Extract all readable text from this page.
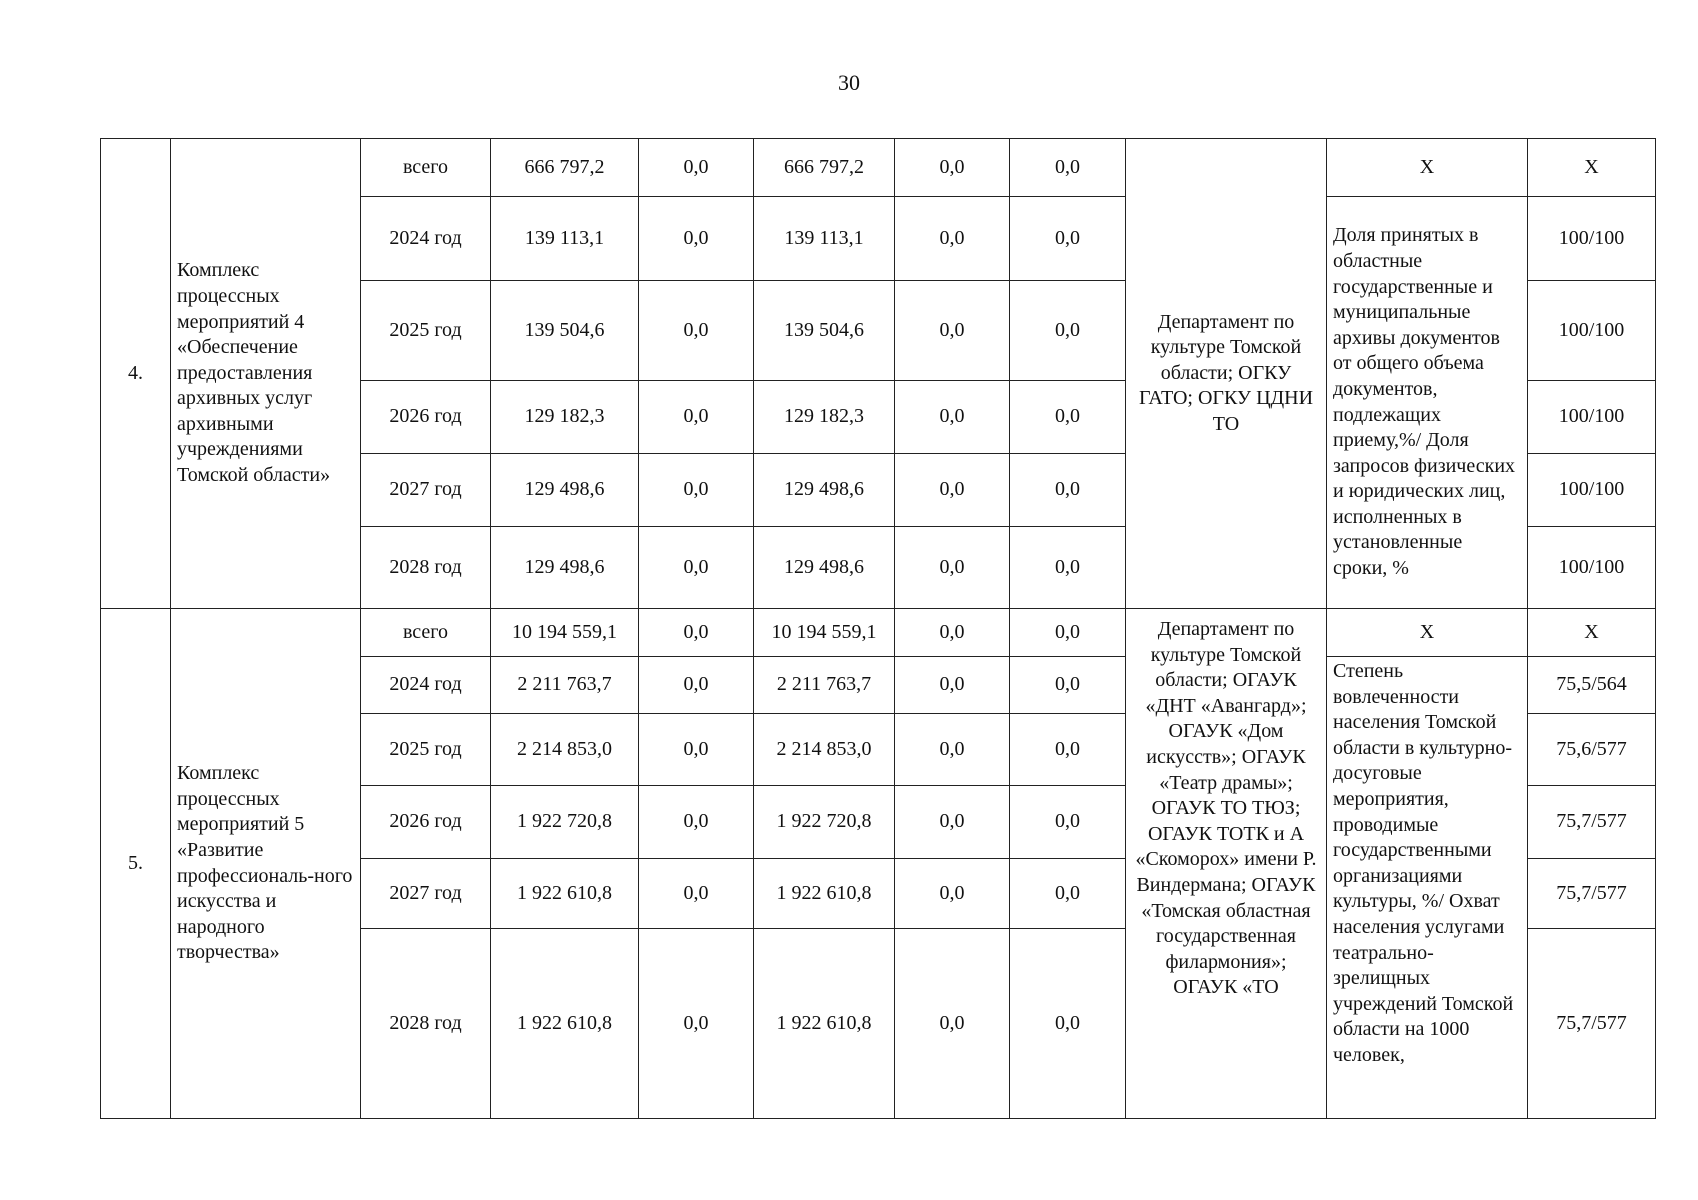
30
4.	Комплекс процессных мероприятий 4 «Обеспечение предоставления архивных услуг архивными учреждениями Томской области»	всего	666 797,2	0,0	666 797,2	0,0	0,0	Департамент по культуре Томской области; ОГКУ ГАТО; ОГКУ ЦДНИ ТО	Х	Х
		2024 год	139 113,1	0,0	139 113,1	0,0	0,0		Доля принятых в областные государственные и муниципальные архивы документов от общего объема документов, подлежащих приему,%/ Доля запросов физических и юридических лиц, исполненных в установленные сроки, %	100/100
		2025 год	139 504,6	0,0	139 504,6	0,0	0,0			100/100
		2026 год	129 182,3	0,0	129 182,3	0,0	0,0			100/100
		2027 год	129 498,6	0,0	129 498,6	0,0	0,0			100/100
		2028 год	129 498,6	0,0	129 498,6	0,0	0,0			100/100
5.	Комплекс процессных мероприятий 5 «Развитие профессиональ-ного искусства и народного творчества»	всего	10 194 559,1	0,0	10 194 559,1	0,0	0,0	Департамент по культуре Томской области; ОГАУК «ДНТ «Авангард»; ОГАУК «Дом искусств»; ОГАУК «Театр драмы»; ОГАУК ТО ТЮЗ; ОГАУК ТОТК и А «Скоморох» имени Р. Виндермана; ОГАУК «Томская областная государственная филармония»; ОГАУК «ТО	Х	Х
		2024 год	2 211 763,7	0,0	2 211 763,7	0,0	0,0		Степень вовлеченности населения Томской области в культурно-досуговые мероприятия, проводимые государственными организациями культуры, %/ Охват населения услугами театрально-зрелищных учреждений Томской области на 1000 человек,	75,5/564
		2025 год	2 214 853,0	0,0	2 214 853,0	0,0	0,0			75,6/577
		2026 год	1 922 720,8	0,0	1 922 720,8	0,0	0,0			75,7/577
		2027 год	1 922 610,8	0,0	1 922 610,8	0,0	0,0			75,7/577
		2028 год	1 922 610,8	0,0	1 922 610,8	0,0	0,0			75,7/577
